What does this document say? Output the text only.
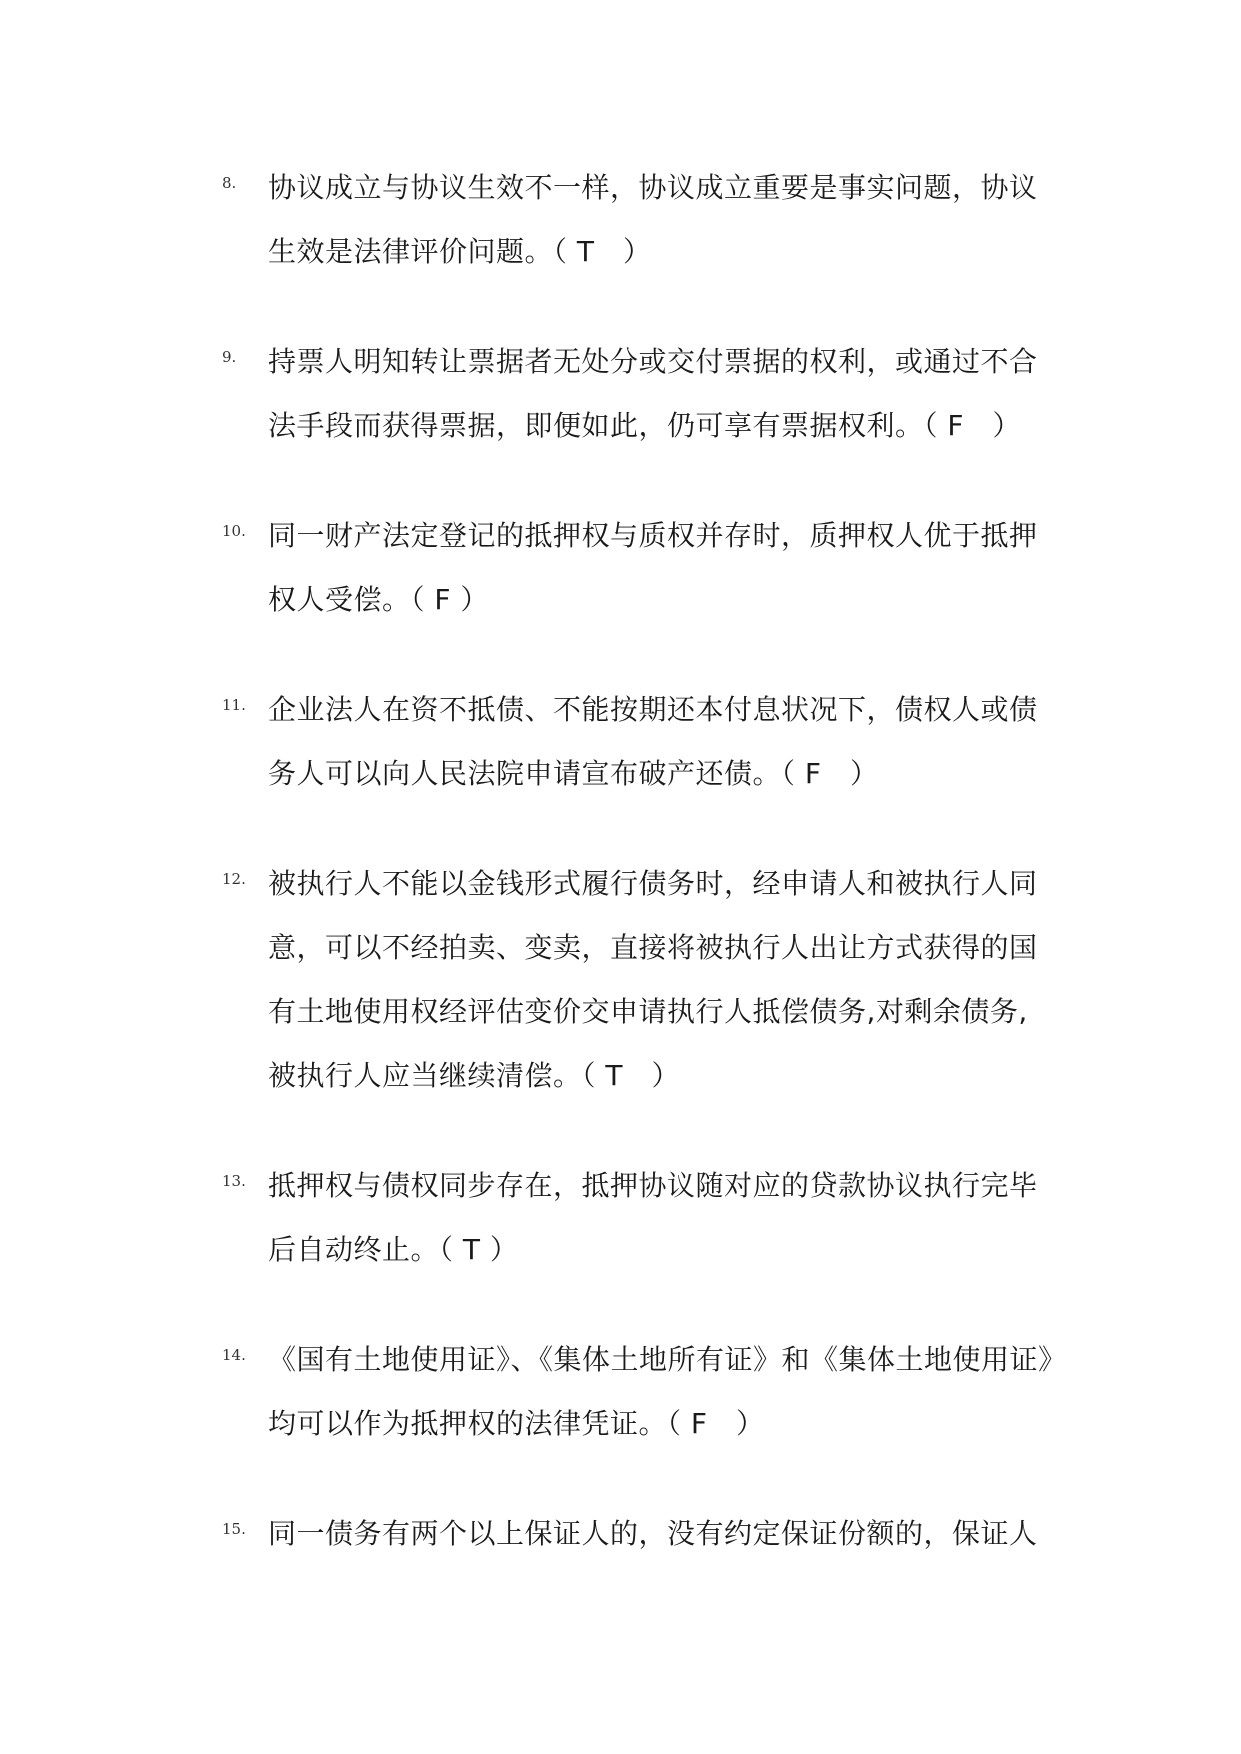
8. 协议成立与协议生效不一样，协议成立重要是事实问题，协议
生效是法律评价问题。（ T　）
9. 持票人明知转让票据者无处分或交付票据的权利，或通过不合
法手段而获得票据，即便如此，仍可享有票据权利。（ F　）
10. 同一财产法定登记的抵押权与质权并存时，质押权人优于抵押
权人受偿。（ F ）
11. 企业法人在资不抵债、不能按期还本付息状况下，债权人或债
务人可以向人民法院申请宣布破产还债。（ F　）
12. 被执行人不能以金钱形式履行债务时，经申请人和被执行人同
意，可以不经拍卖、变卖，直接将被执行人出让方式获得的国
有土地使用权经评估变价交申请执行人抵偿债务,对剩余债务,
被执行人应当继续清偿。（ T　）
13. 抵押权与债权同步存在，抵押协议随对应的贷款协议执行完毕
后自动终止。（ T ）
14. 《国有土地使用证》、《集体土地所有证》和《集体土地使用证》
均可以作为抵押权的法律凭证。（ F　）
15. 同一债务有两个以上保证人的，没有约定保证份额的，保证人
